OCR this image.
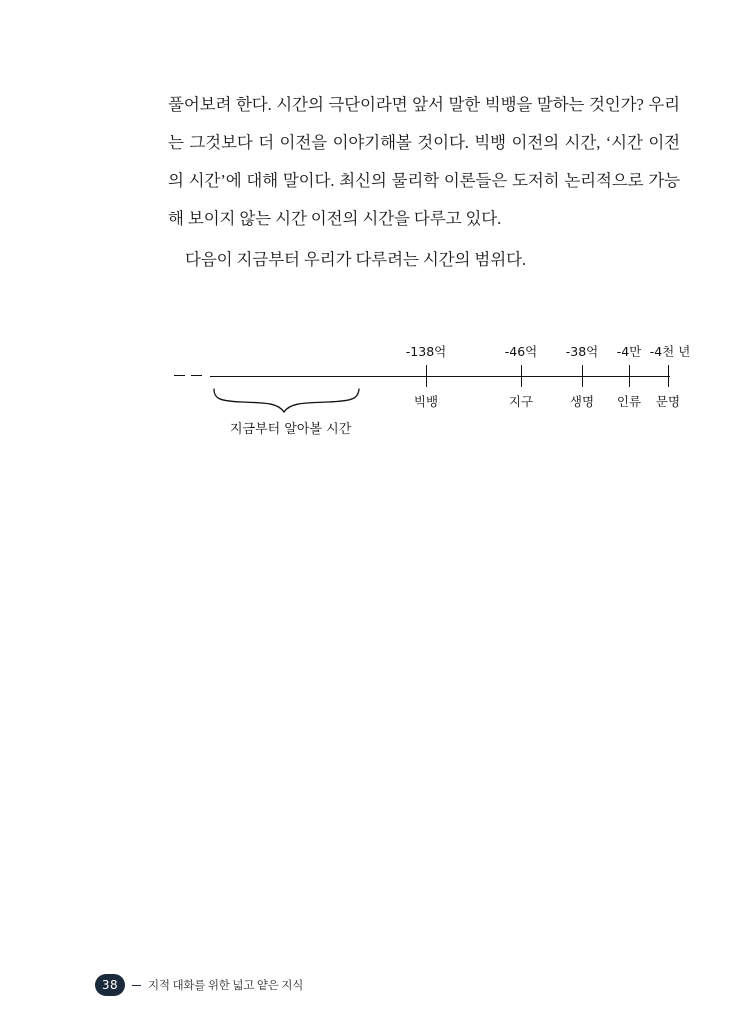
풀어보려 한다. 시간의 극단이라면 앞서 말한 빅뱅을 말하는 것인가? 우리는 그것보다 더 이전을 이야기해볼 것이다. 빅뱅 이전의 시간, ‘시간 이전의 시간’에 대해 말이다. 최신의 물리학 이론들은 도저히 논리적으로 가능해 보이지 않는 시간 이전의 시간을 다루고 있다.

다음이 지금부터 우리가 다루려는 시간의 범위다.

-138억
빅뱅
-46억
지구
-38억
생명
-4만
인류
-4천 년
문명
지금부터 알아볼 시간
38	지적 대화를 위한 넓고 얕은 지식
